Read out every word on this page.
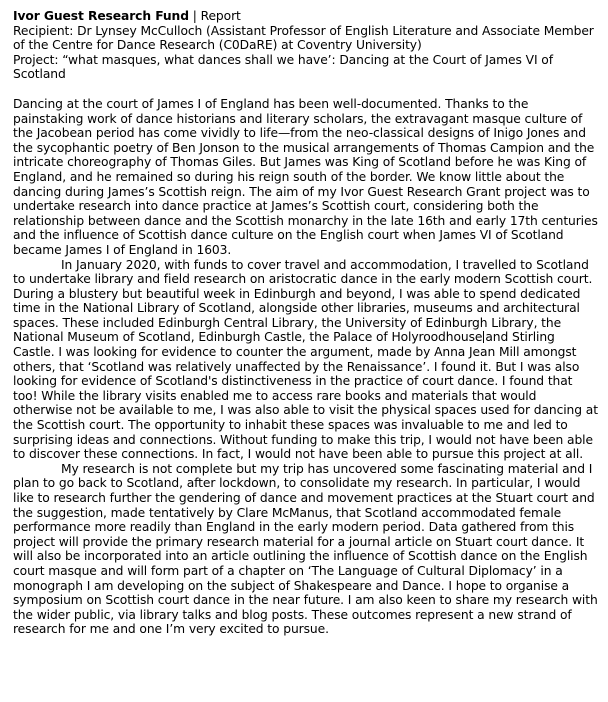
Ivor Guest Research Fund | Report

Recipient: Dr Lynsey McCulloch (Assistant Professor of English Literature and Associate Member of the Centre for Dance Research (C0DaRE) at Coventry University)

Project: “what masques, what dances shall we have’: Dancing at the Court of James VI of Scotland

Dancing at the court of James I of England has been well-documented. Thanks to the painstaking work of dance historians and literary scholars, the extravagant masque culture of the Jacobean period has come vividly to life—from the neo-classical designs of Inigo Jones and the sycophantic poetry of Ben Jonson to the musical arrangements of Thomas Campion and the intricate choreography of Thomas Giles. But James was King of Scotland before he was King of England, and he remained so during his reign south of the border. We know little about the dancing during James’s Scottish reign. The aim of my Ivor Guest Research Grant project was to undertake research into dance practice at James’s Scottish court, considering both the relationship between dance and the Scottish monarchy in the late 16th and early 17th centuries and the influence of Scottish dance culture on the English court when James VI of Scotland became James I of England in 1603.

In January 2020, with funds to cover travel and accommodation, I travelled to Scotland to undertake library and field research on aristocratic dance in the early modern Scottish court. During a blustery but beautiful week in Edinburgh and beyond, I was able to spend dedicated time in the National Library of Scotland, alongside other libraries, museums and architectural spaces. These included Edinburgh Central Library, the University of Edinburgh Library, the National Museum of Scotland, Edinburgh Castle, the Palace of Holyroodhouse and Stirling Castle. I was looking for evidence to counter the argument, made by Anna Jean Mill amongst others, that ‘Scotland was relatively unaffected by the Renaissance’. I found it. But I was also looking for evidence of Scotland's distinctiveness in the practice of court dance. I found that too! While the library visits enabled me to access rare books and materials that would otherwise not be available to me, I was also able to visit the physical spaces used for dancing at the Scottish court. The opportunity to inhabit these spaces was invaluable to me and led to surprising ideas and connections. Without funding to make this trip, I would not have been able to discover these connections. In fact, I would not have been able to pursue this project at all.

My research is not complete but my trip has uncovered some fascinating material and I plan to go back to Scotland, after lockdown, to consolidate my research. In particular, I would like to research further the gendering of dance and movement practices at the Stuart court and the suggestion, made tentatively by Clare McManus, that Scotland accommodated female performance more readily than England in the early modern period. Data gathered from this project will provide the primary research material for a journal article on Stuart court dance. It will also be incorporated into an article outlining the influence of Scottish dance on the English court masque and will form part of a chapter on ‘The Language of Cultural Diplomacy’ in a monograph I am developing on the subject of Shakespeare and Dance. I hope to organise a symposium on Scottish court dance in the near future. I am also keen to share my research with the wider public, via library talks and blog posts. These outcomes represent a new strand of research for me and one I’m very excited to pursue.
